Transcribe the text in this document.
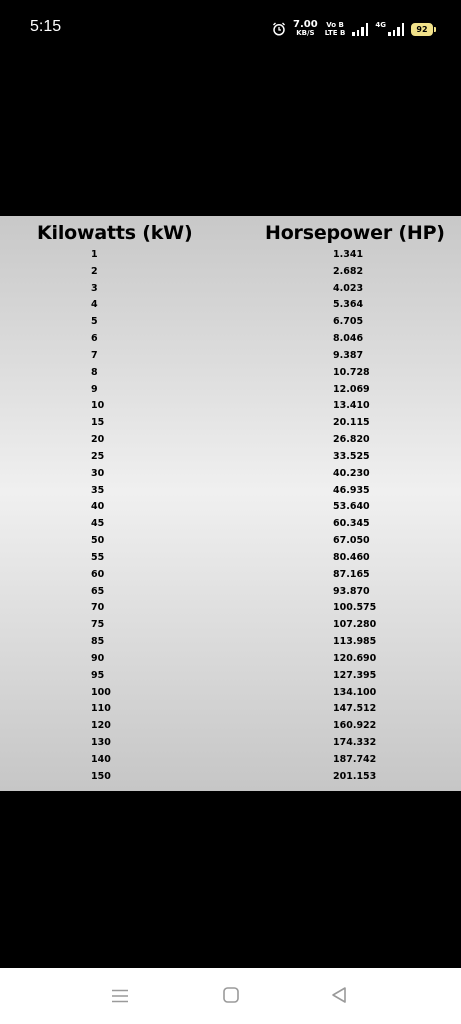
5:15	7.00
KB/S
Vo B
LTE B
4G	92
Kilowatts (kW)	Horsepower (HP)
1	1.341
2	2.682
3	4.023
4	5.364
5	6.705
6	8.046
7	9.387
8	10.728
9	12.069
10	13.410
15	20.115
20	26.820
25	33.525
30	40.230
35	46.935
40	53.640
45	60.345
50	67.050
55	80.460
60	87.165
65	93.870
70	100.575
75	107.280
85	113.985
90	120.690
95	127.395
100	134.100
110	147.512
120	160.922
130	174.332
140	187.742
150	201.153
